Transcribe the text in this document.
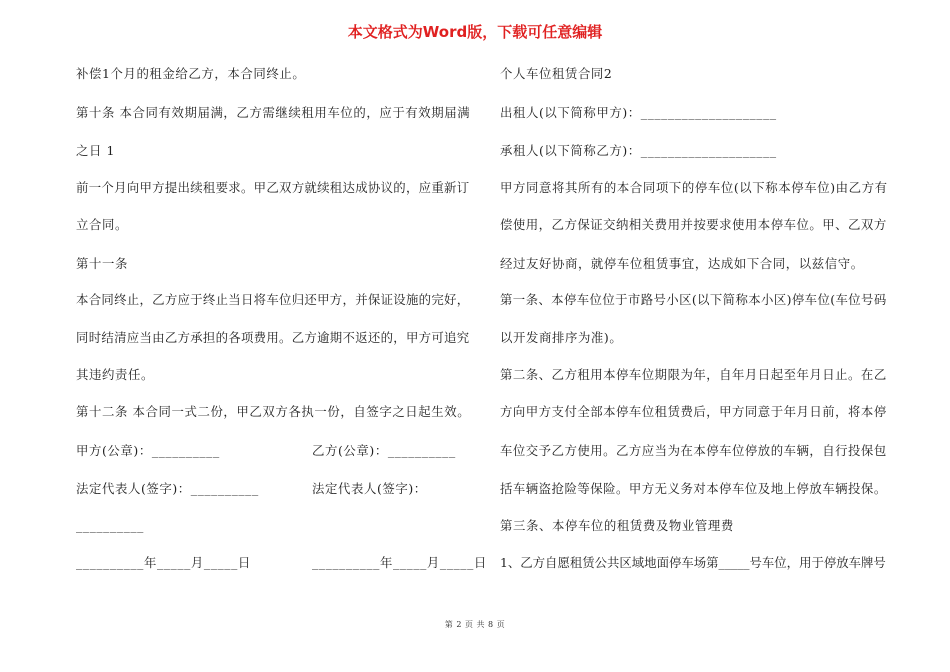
本文格式为Word版，下载可任意编辑
补偿1个月的租金给乙方，本合同终止。
第十条 本合同有效期届满，乙方需继续租用车位的，应于有效期届满
之日 1
前一个月向甲方提出续租要求。甲乙双方就续租达成协议的，应重新订
立合同。
第十一条
本合同终止，乙方应于终止当日将车位归还甲方，并保证设施的完好，
同时结清应当由乙方承担的各项费用。乙方逾期不返还的，甲方可追究
其违约责任。
第十二条 本合同一式二份，甲乙双方各执一份，自签字之日起生效。
甲方(公章)：__________	乙方(公章)：__________
法定代表人(签字)：__________	法定代表人(签字)：
__________
__________年_____月_____日	__________年_____月_____日
个人车位租赁合同2
出租人(以下简称甲方)：____________________
承租人(以下简称乙方)：____________________
甲方同意将其所有的本合同项下的停车位(以下称本停车位)由乙方有
偿使用，乙方保证交纳相关费用并按要求使用本停车位。甲、乙双方
经过友好协商，就停车位租赁事宜，达成如下合同，以兹信守。
第一条、本停车位位于市路号小区(以下简称本小区)停车位(车位号码
以开发商排序为准)。
第二条、乙方租用本停车位期限为年，自年月日起至年月日止。在乙
方向甲方支付全部本停车位租赁费后，甲方同意于年月日前，将本停
车位交予乙方使用。乙方应当为在本停车位停放的车辆，自行投保包
括车辆盗抢险等保险。甲方无义务对本停车位及地上停放车辆投保。
第三条、本停车位的租赁费及物业管理费
1、乙方自愿租赁公共区域地面停车场第_____号车位，用于停放车牌号
第 2 页 共 8 页
